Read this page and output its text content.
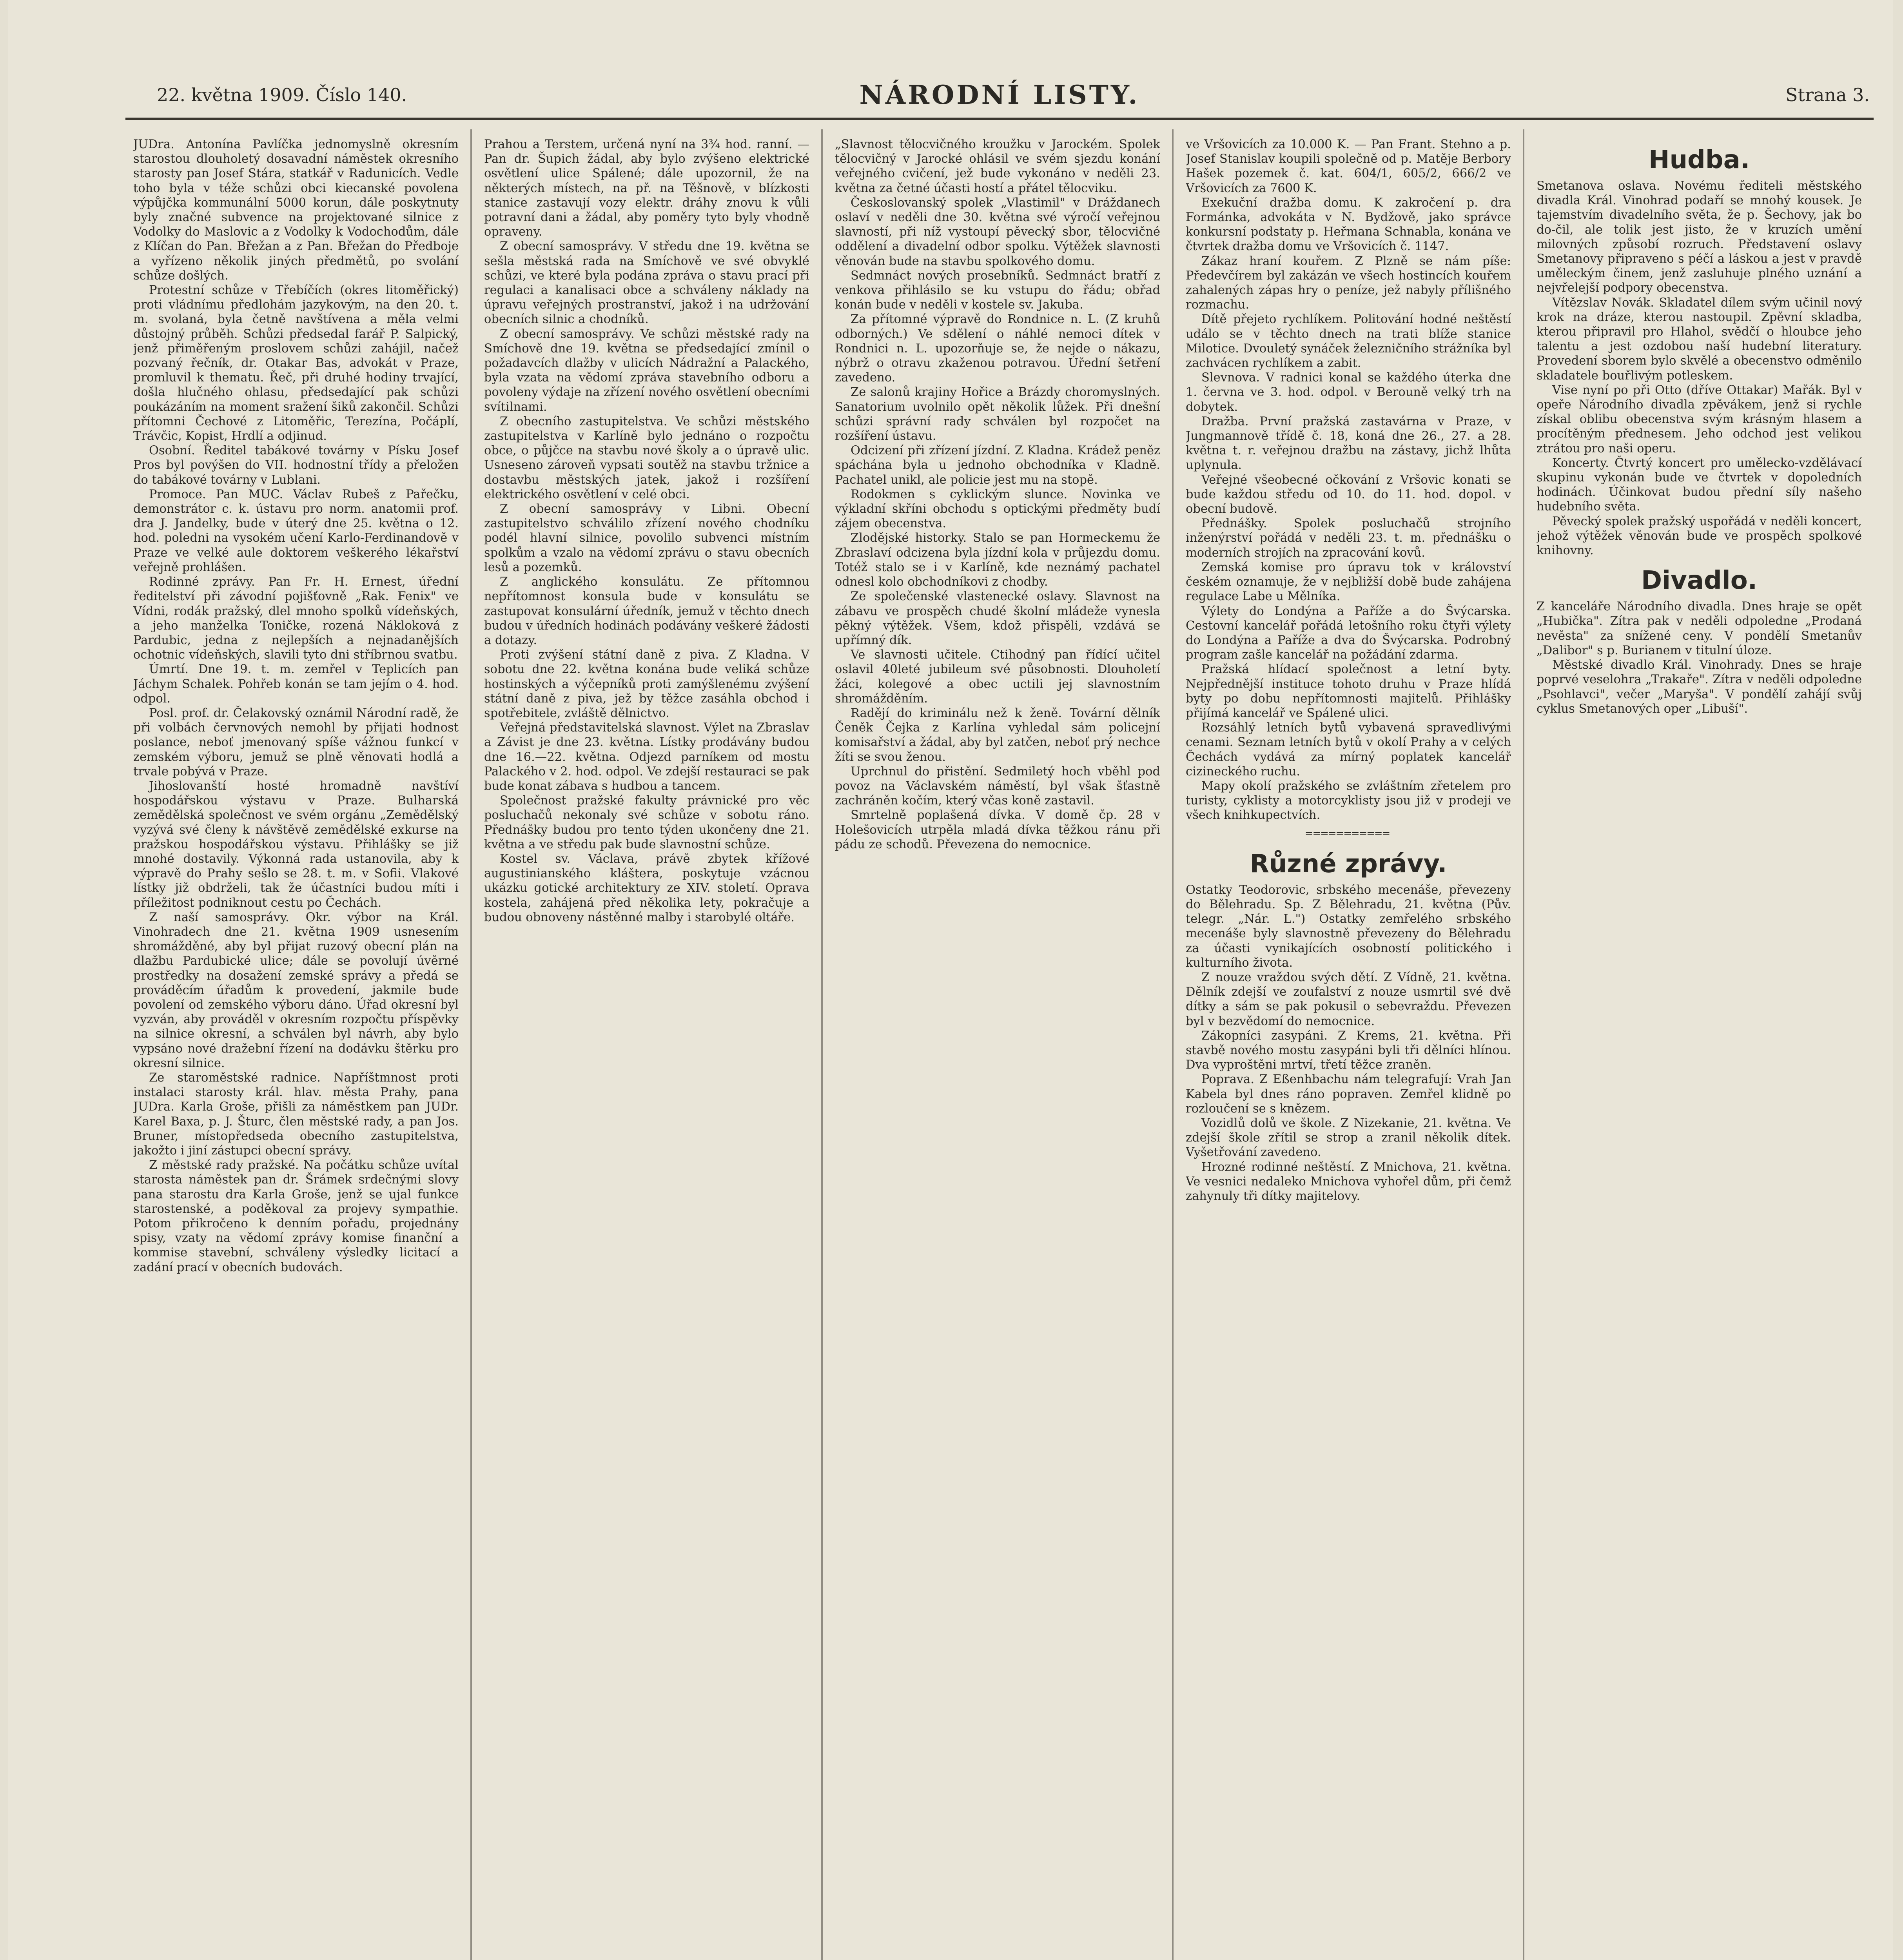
22. května 1909. Číslo 140.	NÁRODNÍ LISTY.	Strana 3.

JUDra. Antonína Pavlíčka jednomyslně okresním starostou dlouholetý dosavadní náměstek okresního starosty pan Josef Stára, statkář v Radunicích. Vedle toho byla v téže schůzi obci kiecanské povolena výpůjčka kommunální 5000 korun, dále poskytnuty byly značné subvence na projektované silnice z Vodolky do Maslovic a z Vodolky k Vodochodům, dále z Klíčan do Pan. Břežan a z Pan. Břežan do Předboje a vyřízeno několik jiných předmětů, po svolání schůze došlých.

Protestní schůze v Třebíčích (okres litoměřický) proti vládnímu předlohám jazykovým, na den 20. t. m. svolaná, byla četně navštívena a měla velmi důstojný průběh. Schůzi předsedal farář P. Salpický, jenž přiměřeným proslovem schůzi zahájil, načež pozvaný řečník, dr. Otakar Bas, advokát v Praze, promluvil k thematu. Řeč, při druhé hodiny trvající, došla hlučného ohlasu, předsedající pak schůzi poukázáním na moment sražení šiků zakončil. Schůzi přítomni Čechové z Litoměřic, Terezína, Počáplí, Trávčic, Kopist, Hrdlí a odjinud.

Osobní. Ředitel tabákové továrny v Písku Josef Pros byl povýšen do VII. hodnostní třídy a přeložen do tabákové továrny v Lublani.

Promoce. Pan MUC. Václav Rubeš z Pařečku, demonstrátor c. k. ústavu pro norm. anatomii prof. dra J. Jandelky, bude v úterý dne 25. května o 12. hod. poledni na vysokém učení Karlo-Ferdinandově v Praze ve velké aule doktorem veškerého lékařství veřejně prohlášen.

Rodinné zprávy. Pan Fr. H. Ernest, úřední ředitelství při závodní pojišťovně „Rak. Fenix" ve Vídni, rodák pražský, dlel mnoho spolků vídeňských, a jeho manželka Toničke, rozená Nákloková z Pardubic, jedna z nejlepších a nejnadanějších ochotnic vídeňských, slavili tyto dni stříbrnou svatbu.

Úmrtí. Dne 19. t. m. zemřel v Teplicích pan Jáchym Schalek. Pohřeb konán se tam jejím o 4. hod. odpol.

Posl. prof. dr. Čelakovský oznámil Národní radě, že při volbách červnových nemohl by přijati hodnost poslance, neboť jmenovaný spíše vážnou funkcí v zemském výboru, jemuž se plně věnovati hodlá a trvale pobývá v Praze.

Jihoslovanští hosté hromadně navštíví hospodářskou výstavu v Praze. Bulharská zemědělská společnost ve svém orgánu „Zemědělský vyzývá své členy k návštěvě zemědělské exkurse na pražskou hospodářskou výstavu. Přihlášky se již mnohé dostavily. Výkonná rada ustanovila, aby k výpravě do Prahy sešlo se 28. t. m. v Sofii. Vlakové lístky již obdrželi, tak že účastníci budou míti i příležitost podniknout cestu po Čechách.

Z naší samosprávy. Okr. výbor na Král. Vinohradech dne 21. května 1909 usnesením shromážděné, aby byl přijat ruzový obecní plán na dlažbu Pardubické ulice; dále se povolují úvěrné prostředky na dosažení zemské správy a předá se prováděcím úřadům k provedení, jakmile bude povolení od zemského výboru dáno. Úřad okresní byl vyzván, aby prováděl v okresním rozpočtu příspěvky na silnice okresní, a schválen byl návrh, aby bylo vypsáno nové dražební řízení na dodávku štěrku pro okresní silnice.

Ze staroměstské radnice. Napříštmnost proti instalaci starosty král. hlav. města Prahy, pana JUDra. Karla Groše, přišli za náměstkem pan JUDr. Karel Baxa, p. J. Šturc, člen městské rady, a pan Jos. Bruner, místopředseda obecního zastupitelstva, jakožto i jiní zástupci obecní správy.

Z městské rady pražské. Na počátku schůze uvítal starosta náměstek pan dr. Šrámek srdečnými slovy pana starostu dra Karla Groše, jenž se ujal funkce starostenské, a poděkoval za projevy sympathie. Potom přikročeno k denním pořadu, projednány spisy, vzaty na vědomí zprávy komise finanční a kommise stavební, schváleny výsledky licitací a zadání prací v obecních budovách.

Prahou a Terstem, určená nyní na 3¾ hod. ranní. — Pan dr. Šupich žádal, aby bylo zvýšeno elektrické osvětlení ulice Spálené; dále upozornil, že na některých místech, na př. na Těšnově, v blízkosti stanice zastavují vozy elektr. dráhy znovu k vůli potravní dani a žádal, aby poměry tyto byly vhodně opraveny.

Z obecní samosprávy. V středu dne 19. května se sešla městská rada na Smíchově ve své obvyklé schůzi, ve které byla podána zpráva o stavu prací při regulaci a kanalisaci obce a schváleny náklady na úpravu veřejných prostranství, jakož i na udržování obecních silnic a chodníků.

Z obecní samosprávy. Ve schůzi městské rady na Smíchově dne 19. května se předsedající zmínil o požadavcích dlažby v ulicích Nádražní a Palackého, byla vzata na vědomí zpráva stavebního odboru a povoleny výdaje na zřízení nového osvětlení obecními svítilnami.

Z obecního zastupitelstva. Ve schůzi městského zastupitelstva v Karlíně bylo jednáno o rozpočtu obce, o půjčce na stavbu nové školy a o úpravě ulic. Usneseno zároveň vypsati soutěž na stavbu tržnice a dostavbu městských jatek, jakož i rozšíření elektrického osvětlení v celé obci.

Z obecní samosprávy v Libni. Obecní zastupitelstvo schválilo zřízení nového chodníku podél hlavní silnice, povolilo subvenci místním spolkům a vzalo na vědomí zprávu o stavu obecních lesů a pozemků.

Z anglického konsulátu. Ze přítomnou nepřítomnost konsula bude v konsulátu se zastupovat konsulární úředník, jemuž v těchto dnech budou v úředních hodinách podávány veškeré žádosti a dotazy.

Proti zvýšení státní daně z piva. Z Kladna. V sobotu dne 22. května konána bude veliká schůze hostinských a výčepníků proti zamýšlenému zvýšení státní daně z piva, jež by těžce zasáhla obchod i spotřebitele, zvláště dělnictvo.

Veřejná představitelská slavnost. Výlet na Zbraslav a Závist je dne 23. května. Lístky prodávány budou dne 16.—22. května. Odjezd parníkem od mostu Palackého v 2. hod. odpol. Ve zdejší restauraci se pak bude konat zábava s hudbou a tancem.

Společnost pražské fakulty právnické pro věc posluchačů nekonaly své schůze v sobotu ráno. Přednášky budou pro tento týden ukončeny dne 21. května a ve středu pak bude slavnostní schůze.

Kostel sv. Václava, právě zbytek křížové augustinianského kláštera, poskytuje vzácnou ukázku gotické architektury ze XIV. století. Oprava kostela, zahájená před několika lety, pokračuje a budou obnoveny nástěnné malby i starobylé oltáře.

„Slavnost tělocvičného kroužku v Jarockém. Spolek tělocvičný v Jarocké ohlásil ve svém sjezdu konání veřejného cvičení, jež bude vykonáno v neděli 23. května za četné účasti hostí a přátel tělocviku.

Českoslovanský spolek „Vlastimil" v Dráždanech oslaví v neděli dne 30. května své výročí veřejnou slavností, při níž vystoupí pěvecký sbor, tělocvičné oddělení a divadelní odbor spolku. Výtěžek slavnosti věnován bude na stavbu spolkového domu.

Sedmnáct nových prosebníků. Sedmnáct bratří z venkova přihlásilo se ku vstupu do řádu; obřad konán bude v neděli v kostele sv. Jakuba.

Za přítomné výpravě do Rondnice n. L. (Z kruhů odborných.) Ve sdělení o náhlé nemoci dítek v Rondnici n. L. upozorňuje se, že nejde o nákazu, nýbrž o otravu zkaženou potravou. Úřední šetření zavedeno.

Ze salonů krajiny Hořice a Brázdy choromyslných. Sanatorium uvolnilo opět několik lůžek. Při dnešní schůzi správní rady schválen byl rozpočet na rozšíření ústavu.

Odcizení při zřízení jízdní. Z Kladna. Krádež peněz spáchána byla u jednoho obchodníka v Kladně. Pachatel unikl, ale policie jest mu na stopě.

Rodokmen s cyklickým slunce. Novinka ve výkladní skříni obchodu s optickými předměty budí zájem obecenstva.

Zlodějské historky. Stalo se pan Hormeckemu že Zbraslaví odcizena byla jízdní kola v průjezdu domu. Totéž stalo se i v Karlíně, kde neznámý pachatel odnesl kolo obchodníkovi z chodby.

Ze společenské vlastenecké oslavy. Slavnost na zábavu ve prospěch chudé školní mládeže vynesla pěkný výtěžek. Všem, kdož přispěli, vzdává se upřímný dík.

Ve slavnosti učitele. Ctihodný pan řídící učitel oslavil 40leté jubileum své působnosti. Dlouholetí žáci, kolegové a obec uctili jej slavnostním shromážděním.

Radějí do kriminálu než k ženě. Tovární dělník Čeněk Čejka z Karlína vyhledal sám policejní komisařství a žádal, aby byl zatčen, neboť prý nechce žíti se svou ženou.

Uprchnul do přistění. Sedmiletý hoch vběhl pod povoz na Václavském náměstí, byl však šťastně zachráněn kočím, který včas koně zastavil.

Smrtelně poplašená dívka. V domě čp. 28 v Holešovicích utrpěla mladá dívka těžkou ránu při pádu ze schodů. Převezena do nemocnice.

ve Vršovicích za 10.000 K. — Pan Frant. Stehno a p. Josef Stanislav koupili společně od p. Matěje Berbory Hašek pozemek č. kat. 604/1, 605/2, 666/2 ve Vršovicích za 7600 K.

Exekuční dražba domu. K zakročení p. dra Formánka, advokáta v N. Bydžově, jako správce konkursní podstaty p. Heřmana Schnabla, konána ve čtvrtek dražba domu ve Vršovicích č. 1147.

Zákaz hraní kouřem. Z Plzně se nám píše: Předevčírem byl zakázán ve všech hostincích kouřem zahalených zápas hry o peníze, jež nabyly přílišného rozmachu.

Dítě přejeto rychlíkem. Politování hodné neštěstí událo se v těchto dnech na trati blíže stanice Milotice. Dvouletý synáček železničního strážníka byl zachvácen rychlíkem a zabit.

Slevnova. V radnici konal se každého úterka dne 1. června ve 3. hod. odpol. v Berouně velký trh na dobytek.

Dražba. První pražská zastavárna v Praze, v Jungmannově třídě č. 18, koná dne 26., 27. a 28. května t. r. veřejnou dražbu na zástavy, jichž lhůta uplynula.

Veřejné všeobecné očkování z Vršovic konati se bude každou středu od 10. do 11. hod. dopol. v obecní budově.

Přednášky. Spolek posluchačů strojního inženýrství pořádá v neděli 23. t. m. přednášku o moderních strojích na zpracování kovů.

Zemská komise pro úpravu tok v království českém oznamuje, že v nejbližší době bude zahájena regulace Labe u Mělníka.

Výlety do Londýna a Paříže a do Švýcarska. Cestovní kancelář pořádá letošního roku čtyři výlety do Londýna a Paříže a dva do Švýcarska. Podrobný program zašle kancelář na požádání zdarma.

Pražská hlídací společnost a letní byty. Nejpřednější instituce tohoto druhu v Praze hlídá byty po dobu nepřítomnosti majitelů. Přihlášky přijímá kancelář ve Spálené ulici.

Rozsáhlý letních bytů vybavená spravedlivými cenami. Seznam letních bytů v okolí Prahy a v celých Čechách vydává za mírný poplatek kancelář cizineckého ruchu.

Mapy okolí pražského se zvláštním zřetelem pro turisty, cyklisty a motorcyklisty jsou již v prodeji ve všech knihkupectvích.

═══════════
Různé zprávy.

Ostatky Teodorovic, srbského mecenáše, převezeny do Bělehradu. Sp. Z Bělehradu, 21. května (Pův. telegr. „Nár. L.") Ostatky zemřelého srbského mecenáše byly slavnostně převezeny do Bělehradu za účasti vynikajících osobností politického i kulturního života.

Z nouze vraždou svých dětí. Z Vídně, 21. května. Dělník zdejší ve zoufalství z nouze usmrtil své dvě dítky a sám se pak pokusil o sebevraždu. Převezen byl v bezvědomí do nemocnice.

Zákopníci zasypáni. Z Krems, 21. května. Při stavbě nového mostu zasypáni byli tři dělníci hlínou. Dva vyproštěni mrtví, třetí těžce zraněn.

Poprava. Z Eßenhbachu nám telegrafují: Vrah Jan Kabela byl dnes ráno popraven. Zemřel klidně po rozloučení se s knězem.

Vozidlů dolů ve škole. Z Nizekanie, 21. května. Ve zdejší škole zřítil se strop a zranil několik dítek. Vyšetřování zavedeno.

Hrozné rodinné neštěstí. Z Mnichova, 21. května. Ve vesnici nedaleko Mnichova vyhořel dům, při čemž zahynuly tři dítky majitelovy.

Hudba.

Smetanova oslava. Novému řediteli městského divadla Král. Vinohrad podaří se mnohý kousek. Je tajemstvím divadelního světa, že p. Šechovy, jak bo do-čil, ale tolik jest jisto, že v kruzích umění milovných způsobí rozruch. Představení oslavy Smetanovy připraveno s péčí a láskou a jest v pravdě uměleckým činem, jenž zasluhuje plného uznání a nejvřelejší podpory obecenstva.

Vítězslav Novák. Skladatel dílem svým učinil nový krok na dráze, kterou nastoupil. Zpěvní skladba, kterou připravil pro Hlahol, svědčí o hloubce jeho talentu a jest ozdobou naší hudební literatury. Provedení sborem bylo skvělé a obecenstvo odměnilo skladatele bouřlivým potleskem.

Vise nyní po při Otto (dříve Ottakar) Mařák. Byl v opeře Národního divadla zpěvákem, jenž si rychle získal oblibu obecenstva svým krásným hlasem a procítěným přednesem. Jeho odchod jest velikou ztrátou pro naši operu.

Koncerty. Čtvrtý koncert pro umělecko-vzdělávací skupinu vykonán bude ve čtvrtek v dopoledních hodinách. Účinkovat budou přední síly našeho hudebního světa.

Pěvecký spolek pražský uspořádá v neděli koncert, jehož výtěžek věnován bude ve prospěch spolkové knihovny.

Divadlo.

Z kanceláře Národního divadla. Dnes hraje se opět „Hubička". Zítra pak v neděli odpoledne „Prodaná nevěsta" za snížené ceny. V pondělí Smetanův „Dalibor" s p. Burianem v titulní úloze.

Městské divadlo Král. Vinohrady. Dnes se hraje poprvé veselohra „Trakaře". Zítra v neděli odpoledne „Psohlavci", večer „Maryša". V pondělí zahájí svůj cyklus Smetanových oper „Libuší".
